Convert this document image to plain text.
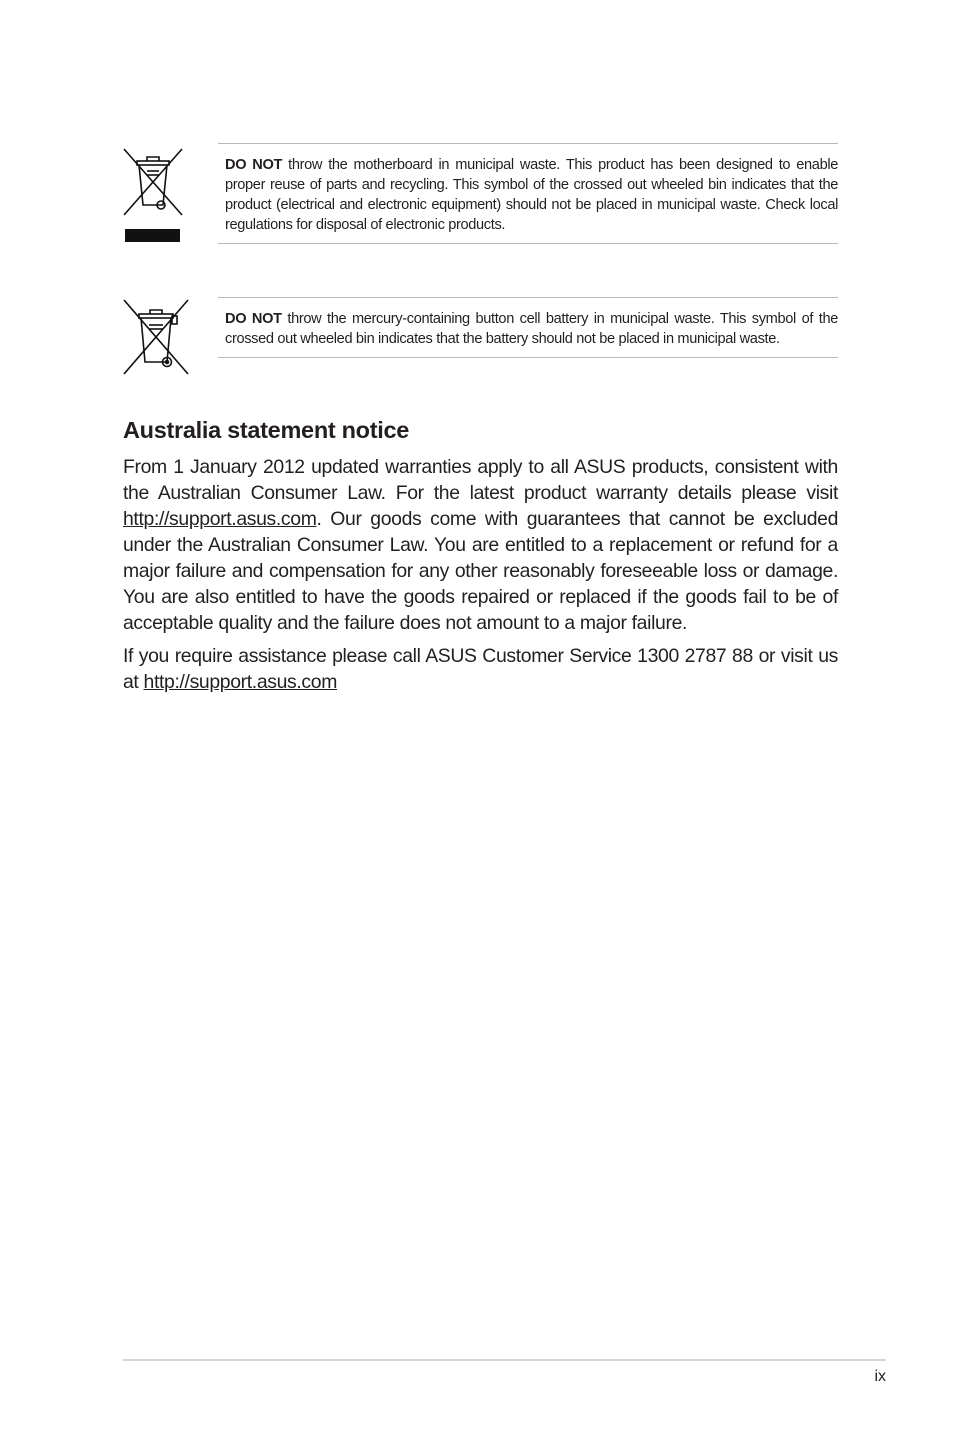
DO NOT throw the motherboard in municipal waste. This product has been designed to enable proper reuse of parts and recycling. This symbol of the crossed out wheeled bin indicates that the product (electrical and electronic equipment) should not be placed in municipal waste. Check local regulations for disposal of electronic products.
DO NOT throw the mercury-containing button cell battery in municipal waste. This symbol of the crossed out wheeled bin indicates that the battery should not be placed in municipal waste.
Australia statement notice

From 1 January 2012 updated warranties apply to all ASUS products, consistent with the Australian Consumer Law. For the latest product warranty details please visit http://support.asus.com. Our goods come with guarantees that cannot be excluded under the Australian Consumer Law. You are entitled to a replacement or refund for a major failure and compensation for any other reasonably foreseeable loss or damage. You are also entitled to have the goods repaired or replaced if the goods fail to be of acceptable quality and the failure does not amount to a major failure.

If you require assistance please call ASUS Customer Service 1300 2787 88 or visit us at http://support.asus.com

ix
